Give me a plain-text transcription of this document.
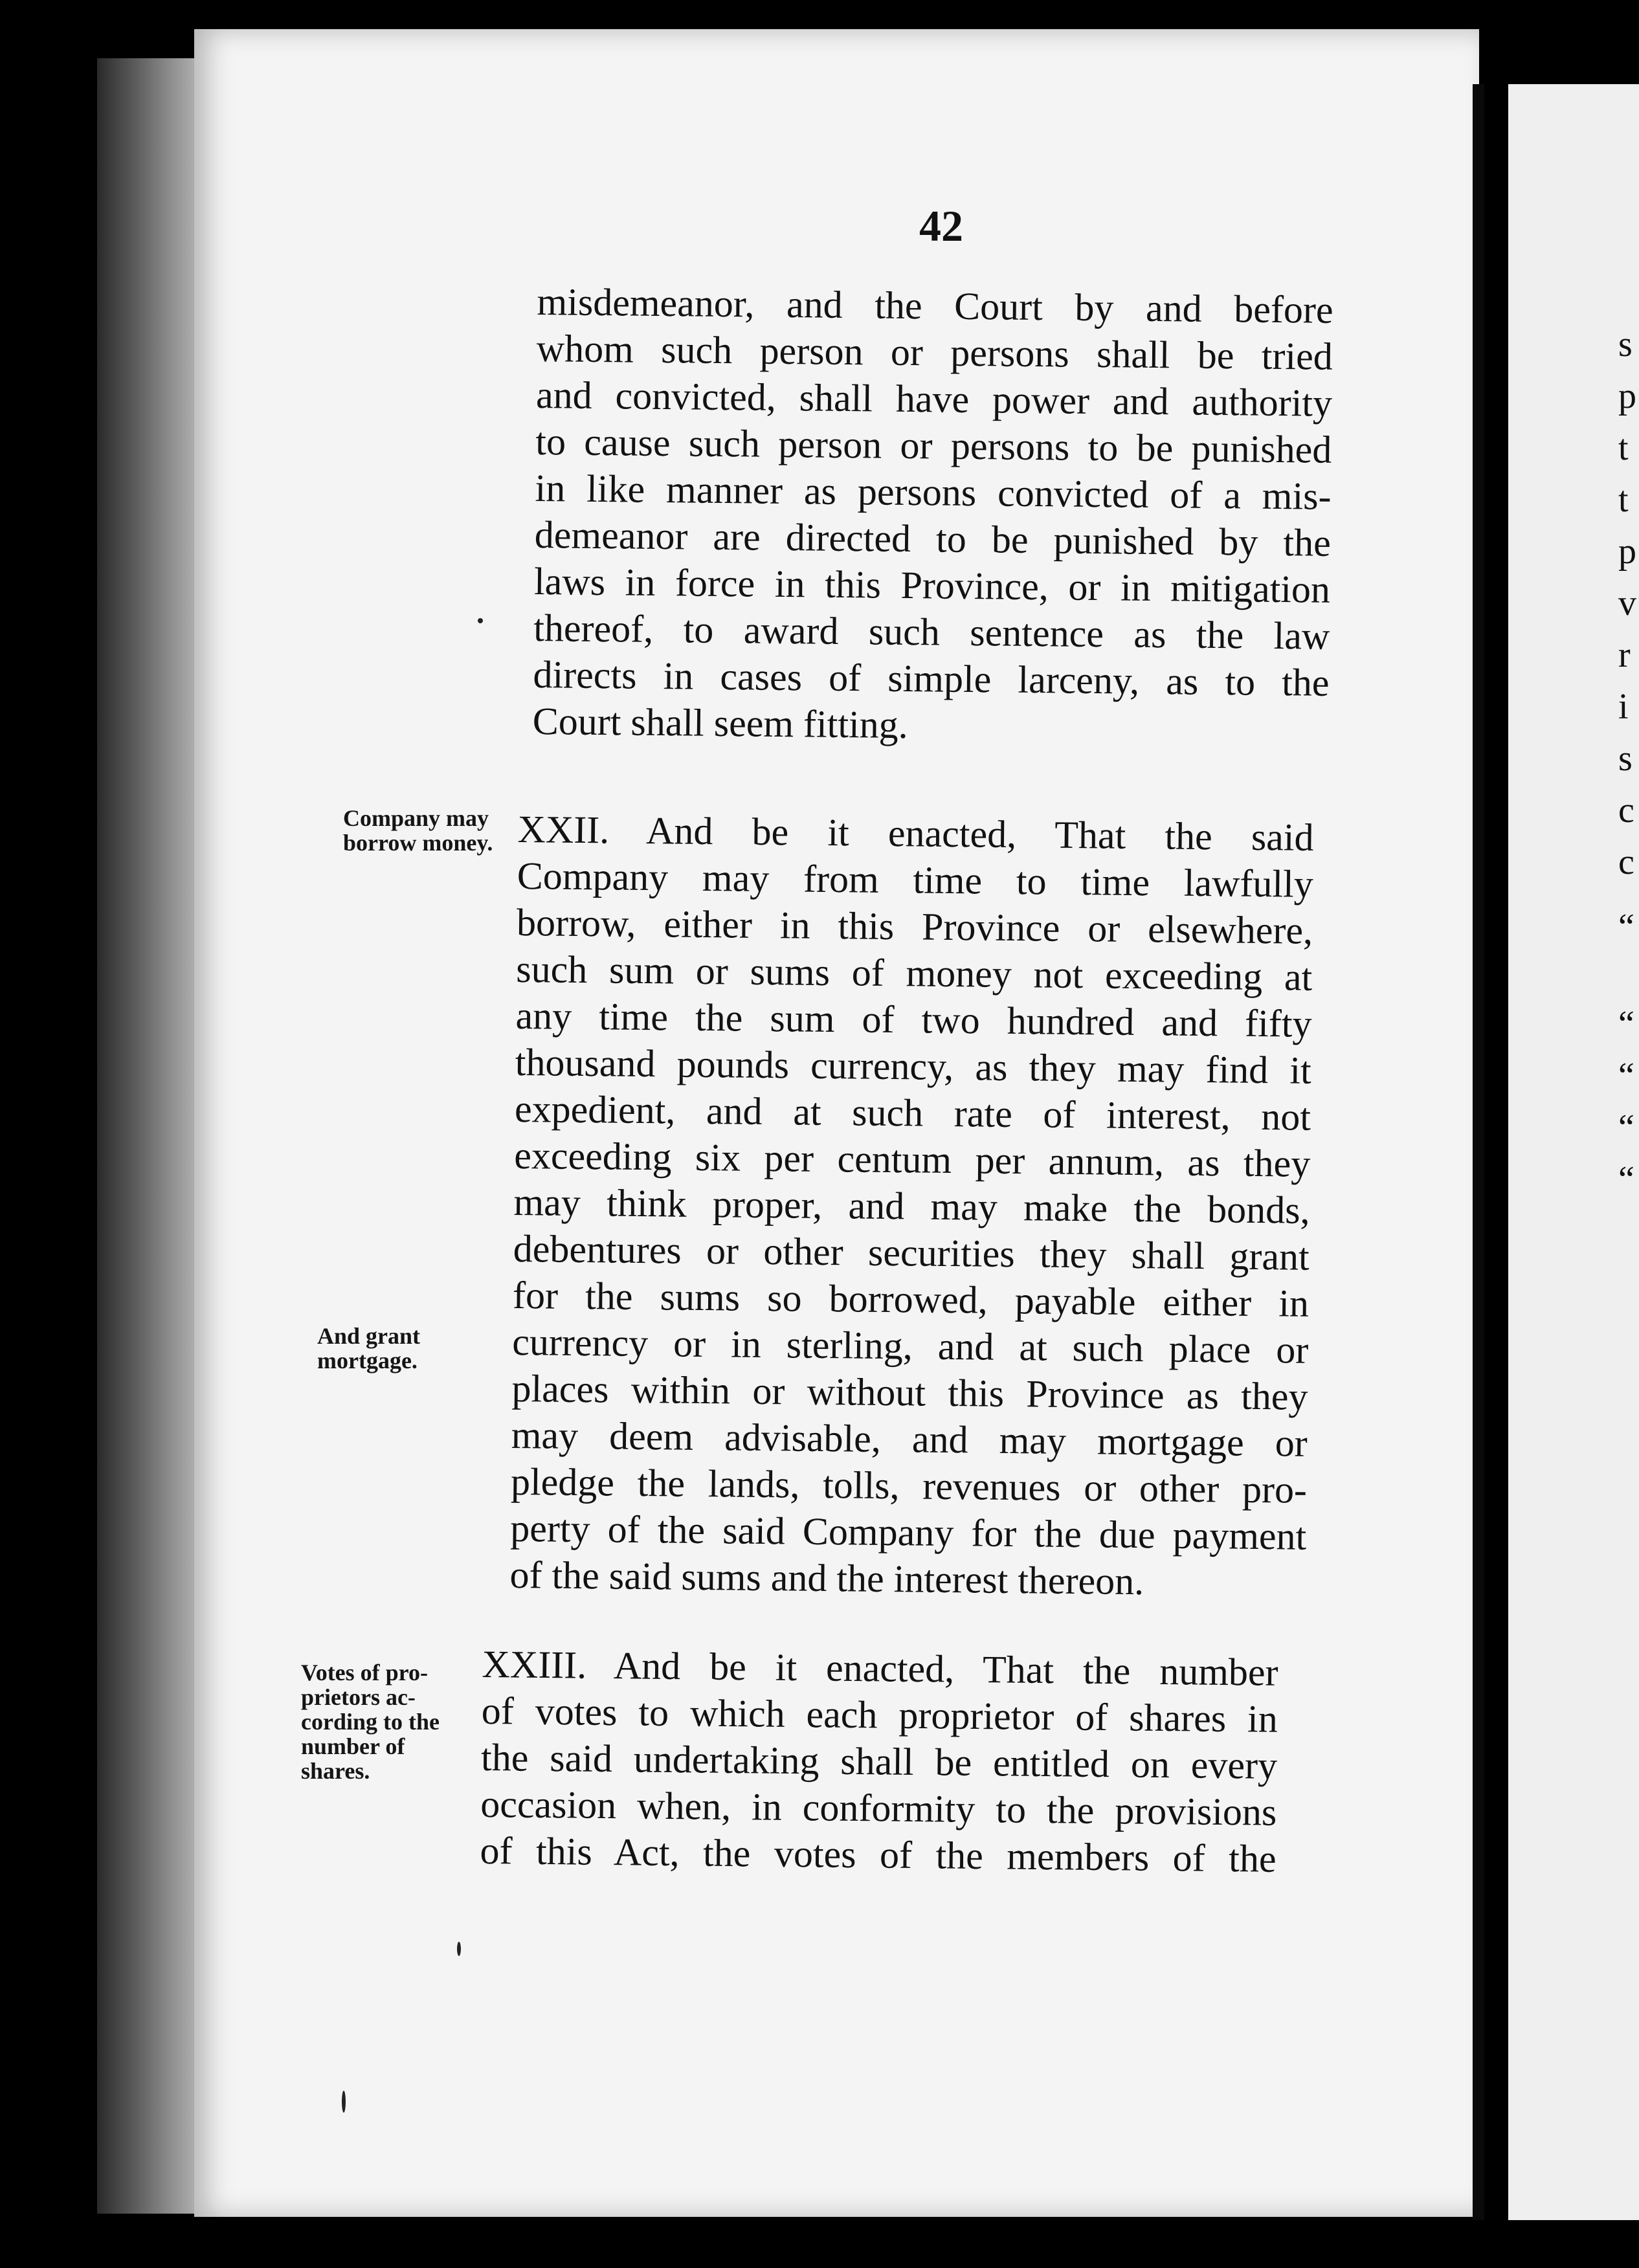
42
misdemeanor, and the Court by and before
whom such person or persons shall be tried
and convicted, shall have power and authority
to cause such person or persons to be punished
in like manner as persons convicted of a mis-
demeanor are directed to be punished by the
laws in force in this Province, or in mitigation
thereof, to award such sentence as the law
directs in cases of simple larceny, as to the
Court shall seem fitting.
Company may
borrow money. XXII. And be it enacted, That the said
Company may from time to time lawfully
borrow, either in this Province or elsewhere,
such sum or sums of money not exceeding at
any time the sum of two hundred and fifty
thousand pounds currency, as they may find it
expedient, and at such rate of interest, not
exceeding six per centum per annum, as they
may think proper, and may make the bonds,
debentures or other securities they shall grant
for the sums so borrowed, payable either in
currency or in sterling, and at such place or
places within or without this Province as they
may deem advisable, and may mortgage or
pledge the lands, tolls, revenues or other pro-
perty of the said Company for the due payment
of the said sums and the interest thereon.
And grant
mortgage.
Votes of pro-
prietors ac-
cording to the
number of
shares.
XXIII. And be it enacted, That the number
of votes to which each proprietor of shares in
the said undertaking shall be entitled on every
occasion when, in conformity to the provisions
of this Act, the votes of the members of the
s
p
t
t
p
v
r
i
s
c
c
“
“
“
“
“
